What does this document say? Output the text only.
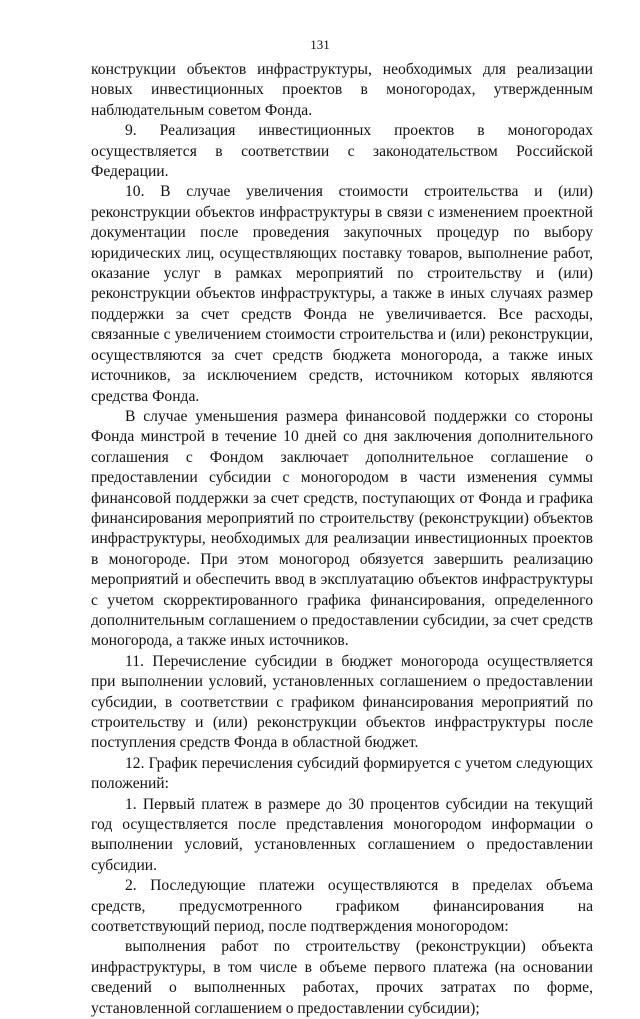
131

конструкции объектов инфраструктуры, необходимых для реализации новых инвестиционных проектов в моногородах, утвержденным наблюдательным советом Фонда.

9. Реализация инвестиционных проектов в моногородах осуществляется в соответствии с законодательством Российской Федерации.

10. В случае увеличения стоимости строительства и (или) реконструкции объектов инфраструктуры в связи с изменением проектной документации после проведения закупочных процедур по выбору юридических лиц, осуществляющих поставку товаров, выполнение работ, оказание услуг в рамках мероприятий по строительству и (или) реконструкции объектов инфраструктуры, а также в иных случаях размер поддержки за счет средств Фонда не увеличивается. Все расходы, связанные с увеличением стоимости строительства и (или) реконструкции, осуществляются за счет средств бюджета моногорода, а также иных источников, за исключением средств, источником которых являются средства Фонда.

В случае уменьшения размера финансовой поддержки со стороны Фонда минстрой в течение 10 дней со дня заключения дополнительного соглашения с Фондом заключает дополнительное соглашение о предоставлении субсидии с моногородом в части изменения суммы финансовой поддержки за счет средств, поступающих от Фонда и графика финансирования мероприятий по строительству (реконструкции) объектов инфраструктуры, необходимых для реализации инвестиционных проектов в моногороде. При этом моногород обязуется завершить реализацию мероприятий и обеспечить ввод в эксплуатацию объектов инфраструктуры с учетом скорректированного графика финансирования, определенного дополнительным соглашением о предоставлении субсидии, за счет средств моногорода, а также иных источников.

11. Перечисление субсидии в бюджет моногорода осуществляется при выполнении условий, установленных соглашением о предоставлении субсидии, в соответствии с графиком финансирования мероприятий по строительству и (или) реконструкции объектов инфраструктуры после поступления средств Фонда в областной бюджет.

12. График перечисления субсидий формируется с учетом следующих положений:

1. Первый платеж в размере до 30 процентов субсидии на текущий год осуществляется после представления моногородом информации о выполнении условий, установленных соглашением о предоставлении субсидии.

2. Последующие платежи осуществляются в пределах объема средств, предусмотренного графиком финансирования на соответствующий период, после подтверждения моногородом:

выполнения работ по строительству (реконструкции) объекта инфраструктуры, в том числе в объеме первого платежа (на основании сведений о выполненных работах, прочих затратах по форме, установленной соглашением о предоставлении субсидии);
